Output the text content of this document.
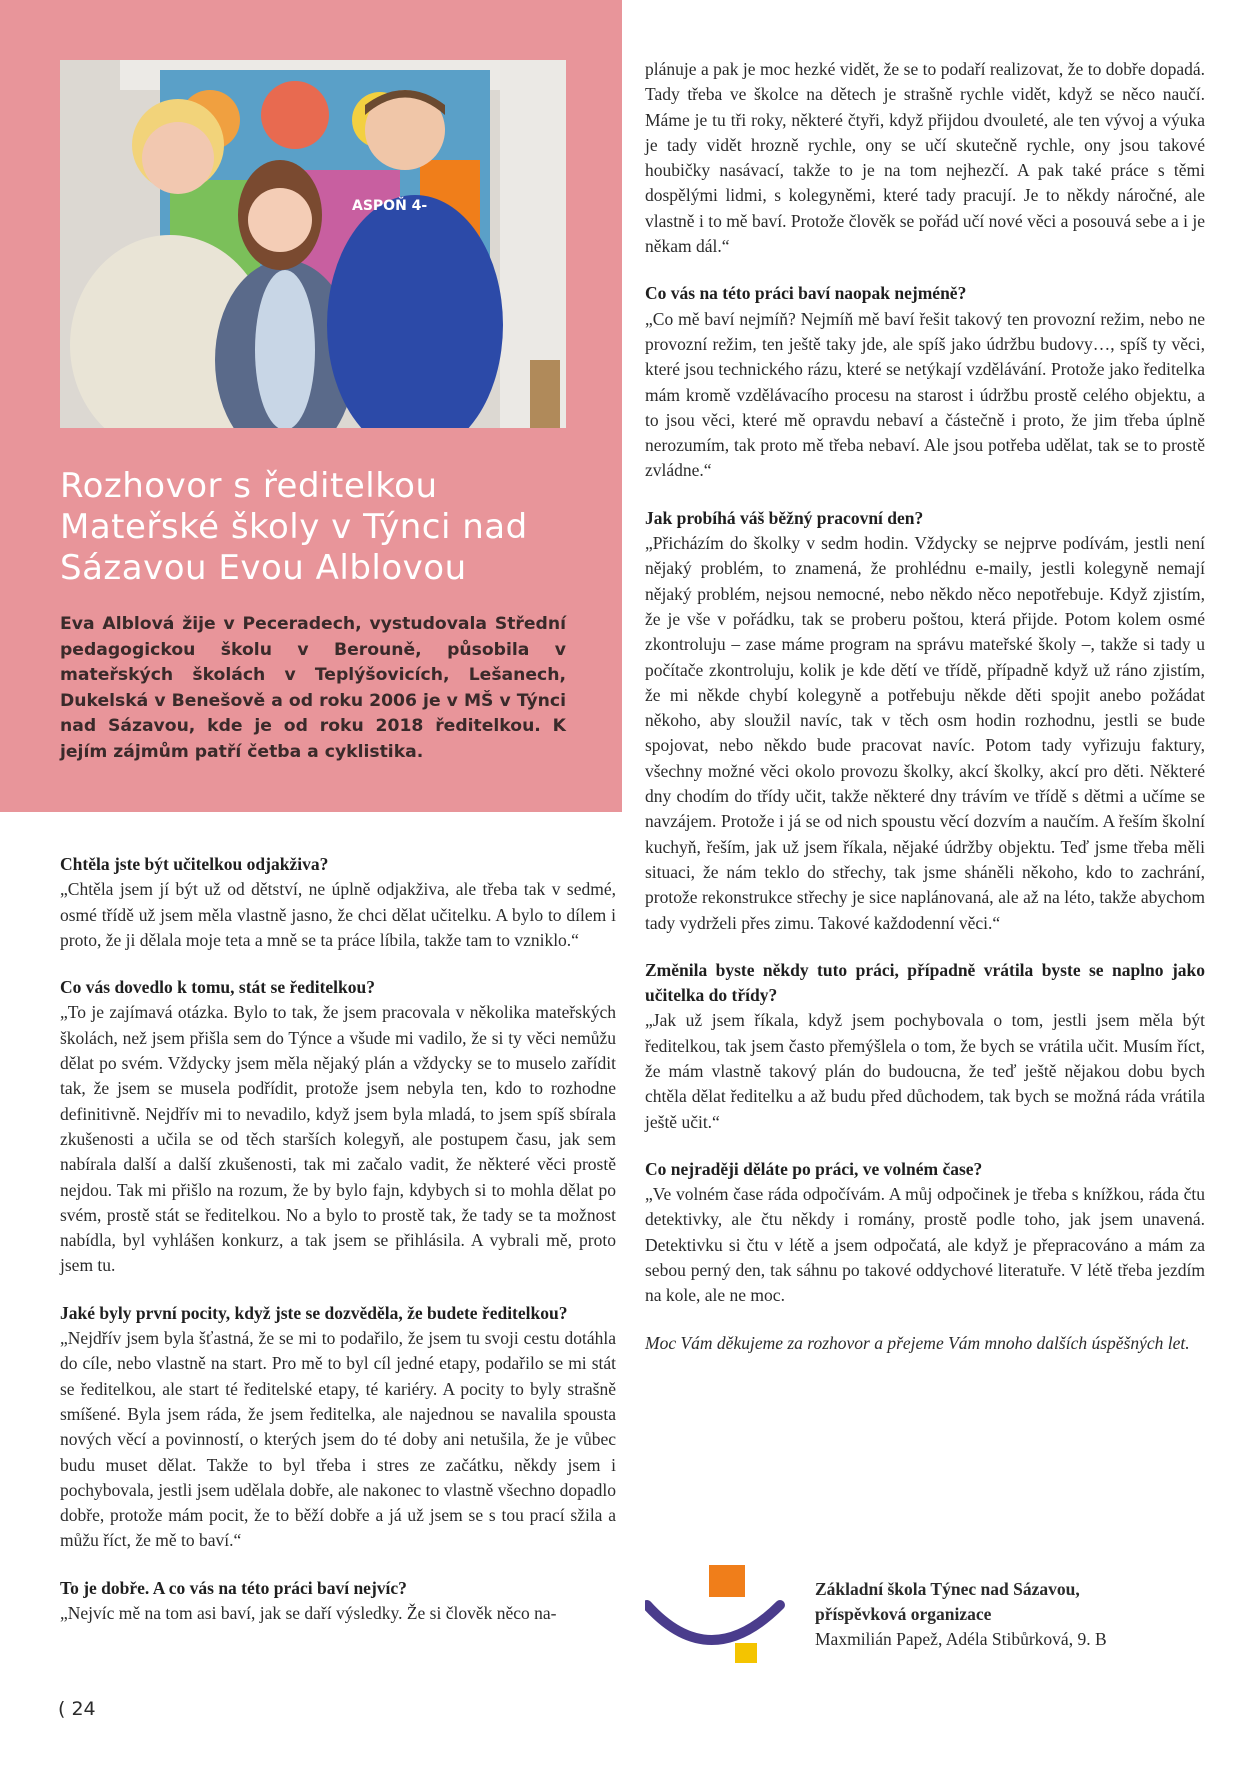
ASPOŇ 4-
Rozhovor s ředitelkou
Mateřské školy v Týnci nad
Sázavou Evou Alblovou

Eva Alblová žije v Peceradech, vystudovala Střední pedagogickou školu v Berouně, působila v mateřských školách v Teplýšovicích, Lešanech, Dukelská v Benešově a od roku 2006 je v MŠ v Týnci nad Sázavou, kde je od roku 2018 ředitelkou. K jejím zájmům patří četba a cyklistika.

Chtěla jste být učitelkou odjakživa?

„Chtěla jsem jí být už od dětství, ne úplně odjakživa, ale třeba tak v sedmé, osmé třídě už jsem měla vlastně jasno, že chci dělat učitelku. A bylo to dílem i proto, že ji dělala moje teta a mně se ta práce líbila, takže tam to vzniklo.“

Co vás dovedlo k tomu, stát se ředitelkou?

„To je zajímavá otázka. Bylo to tak, že jsem pracovala v několika mateřských školách, než jsem přišla sem do Týnce a všude mi vadilo, že si ty věci nemůžu dělat po svém. Vždycky jsem měla nějaký plán a vždycky se to muselo zařídit tak, že jsem se musela podřídit, protože jsem nebyla ten, kdo to rozhodne definitivně. Nejdřív mi to nevadilo, když jsem byla mladá, to jsem spíš sbírala zkušenosti a učila se od těch starších kolegyň, ale postupem času, jak sem nabírala další a další zkušenosti, tak mi začalo vadit, že některé věci prostě nejdou. Tak mi přišlo na rozum, že by bylo fajn, kdybych si to mohla dělat po svém, prostě stát se ředitelkou. No a bylo to prostě tak, že tady se ta možnost nabídla, byl vyhlášen konkurz, a tak jsem se přihlásila. A vybrali mě, proto jsem tu.

Jaké byly první pocity, když jste se dozvěděla, že budete ředitelkou?

„Nejdřív jsem byla šťastná, že se mi to podařilo, že jsem tu svoji cestu dotáhla do cíle, nebo vlastně na start. Pro mě to byl cíl jedné etapy, podařilo se mi stát se ředitelkou, ale start té ředitelské etapy, té kariéry. A pocity to byly strašně smíšené. Byla jsem ráda, že jsem ředitelka, ale najednou se navalila spousta nových věcí a povinností, o kterých jsem do té doby ani netušila, že je vůbec budu muset dělat. Takže to byl třeba i stres ze začátku, někdy jsem i pochybovala, jestli jsem udělala dobře, ale nakonec to vlastně všechno dopadlo dobře, protože mám pocit, že to běží dobře a já už jsem se s tou prací sžila a můžu říct, že mě to baví.“

To je dobře. A co vás na této práci baví nejvíc?

„Nejvíc mě na tom asi baví, jak se daří výsledky. Že si člověk něco na-

plánuje a pak je moc hezké vidět, že se to podaří realizovat, že to dobře dopadá. Tady třeba ve školce na dětech je strašně rychle vidět, když se něco naučí. Máme je tu tři roky, některé čtyři, když přijdou dvouleté, ale ten vývoj a výuka je tady vidět hrozně rychle, ony se učí skutečně rychle, ony jsou takové houbičky nasávací, takže to je na tom nejhezčí. A pak také práce s těmi dospělými lidmi, s kolegyněmi, které tady pracují. Je to někdy náročné, ale vlastně i to mě baví. Protože člověk se pořád učí nové věci a posouvá sebe a i je někam dál.“

Co vás na této práci baví naopak nejméně?

„Co mě baví nejmíň? Nejmíň mě baví řešit takový ten provozní režim, nebo ne provozní režim, ten ještě taky jde, ale spíš jako údržbu budovy…, spíš ty věci, které jsou technického rázu, které se netýkají vzdělávání. Protože jako ředitelka mám kromě vzdělávacího procesu na starost i údržbu prostě celého objektu, a to jsou věci, které mě opravdu nebaví a částečně i proto, že jim třeba úplně nerozumím, tak proto mě třeba nebaví. Ale jsou potřeba udělat, tak se to prostě zvládne.“

Jak probíhá váš běžný pracovní den?

„Přicházím do školky v sedm hodin. Vždycky se nejprve podívám, jestli není nějaký problém, to znamená, že prohlédnu e-maily, jestli kolegyně nemají nějaký problém, nejsou nemocné, nebo někdo něco nepotřebuje. Když zjistím, že je vše v pořádku, tak se proberu poštou, která přijde. Potom kolem osmé zkontroluju – zase máme program na správu mateřské školy –, takže si tady u počítače zkontroluju, kolik je kde dětí ve třídě, případně když už ráno zjistím, že mi někde chybí kolegyně a potřebuju někde děti spojit anebo požádat někoho, aby sloužil navíc, tak v těch osm hodin rozhodnu, jestli se bude spojovat, nebo někdo bude pracovat navíc. Potom tady vyřizuju faktury, všechny možné věci okolo provozu školky, akcí školky, akcí pro děti. Některé dny chodím do třídy učit, takže některé dny trávím ve třídě s dětmi a učíme se navzájem. Protože i já se od nich spoustu věcí dozvím a naučím. A řeším školní kuchyň, řeším, jak už jsem říkala, nějaké údržby objektu. Teď jsme třeba měli situaci, že nám teklo do střechy, tak jsme sháněli někoho, kdo to zachrání, protože rekonstrukce střechy je sice naplánovaná, ale až na léto, takže abychom tady vydrželi přes zimu. Takové každodenní věci.“

Změnila byste někdy tuto práci, případně vrátila byste se naplno jako učitelka do třídy?

„Jak už jsem říkala, když jsem pochybovala o tom, jestli jsem měla být ředitelkou, tak jsem často přemýšlela o tom, že bych se vrátila učit. Musím říct, že mám vlastně takový plán do budoucna, že teď ještě nějakou dobu bych chtěla dělat ředitelku a až budu před důchodem, tak bych se možná ráda vrátila ještě učit.“

Co nejraději děláte po práci, ve volném čase?

„Ve volném čase ráda odpočívám. A můj odpočinek je třeba s knížkou, ráda čtu detektivky, ale čtu někdy i romány, prostě podle toho, jak jsem unavená. Detektivku si čtu v létě a jsem odpočatá, ale když je přepracováno a mám za sebou perný den, tak sáhnu po takové oddychové literatuře. V létě třeba jezdím na kole, ale ne moc.

Moc Vám děkujeme za rozhovor a přejeme Vám mnoho dalších úspěšných let.

Základní škola Týnec nad Sázavou,
příspěvková organizace
Maxmilián Papež, Adéla Stibůrková, 9. B
( 24
